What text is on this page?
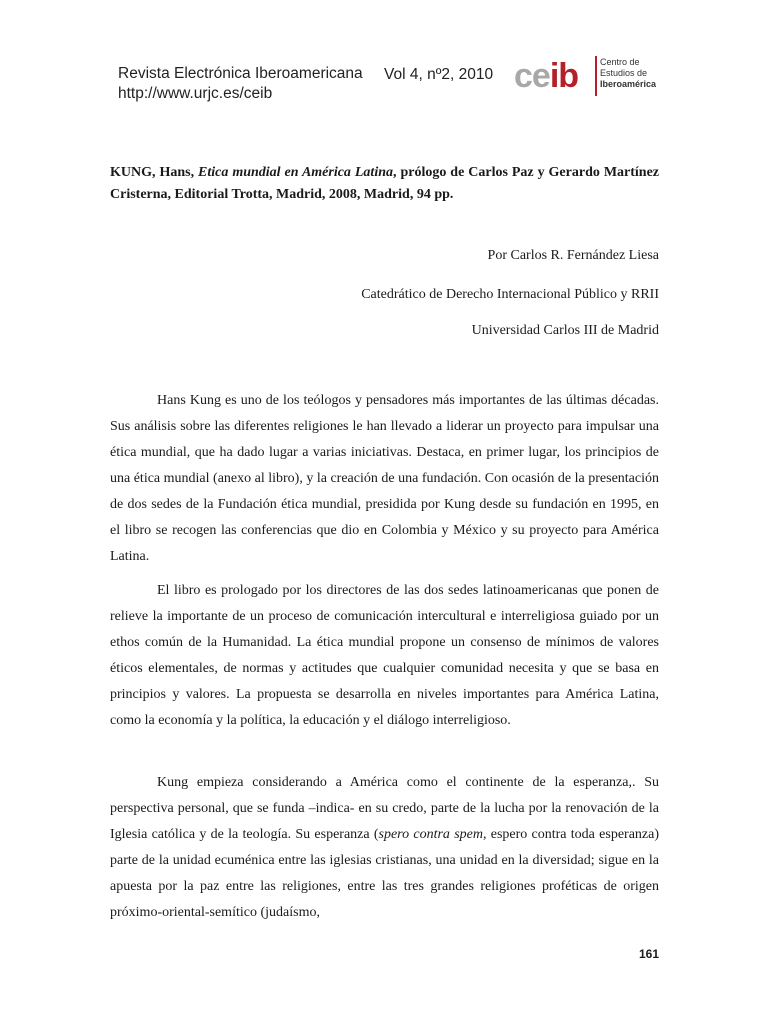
Revista Electrónica Iberoamericana
http://www.urjc.es/ceib
Vol 4, nº2, 2010 ceib Centro de
Estudios de
Iberoamérica
KUNG, Hans, Etica mundial en América Latina, prólogo de Carlos Paz y Gerardo Martínez Cristerna, Editorial Trotta, Madrid, 2008, Madrid, 94 pp.
Por Carlos R. Fernández Liesa
Catedrático de Derecho Internacional Público y RRII
Universidad Carlos III de Madrid

Hans Kung es uno de los teólogos y pensadores más importantes de las últimas décadas. Sus análisis sobre las diferentes religiones le han llevado a liderar un proyecto para impulsar una ética mundial, que ha dado lugar a varias iniciativas. Destaca, en primer lugar, los principios de una ética mundial (anexo al libro), y la creación de una fundación. Con ocasión de la presentación de dos sedes de la Fundación ética mundial, presidida por Kung desde su fundación en 1995, en el libro se recogen las conferencias que dio en Colombia y México y su proyecto para América Latina.

El libro es prologado por los directores de las dos sedes latinoamericanas que ponen de relieve la importante de un proceso de comunicación intercultural e interreligiosa guiado por un ethos común de la Humanidad. La ética mundial propone un consenso de mínimos de valores éticos elementales, de normas y actitudes que cualquier comunidad necesita y que se basa en principios y valores. La propuesta se desarrolla en niveles importantes para América Latina, como la economía y la política, la educación y el diálogo interreligioso.

Kung empieza considerando a América como el continente de la esperanza,. Su perspectiva personal, que se funda –indica- en su credo, parte de la lucha por la renovación de la Iglesia católica y de la teología. Su esperanza (spero contra spem, espero contra toda esperanza) parte de la unidad ecuménica entre las iglesias cristianas, una unidad en la diversidad; sigue en la apuesta por la paz entre las religiones, entre las tres grandes religiones proféticas de origen próximo-oriental-semítico (judaísmo,

161
